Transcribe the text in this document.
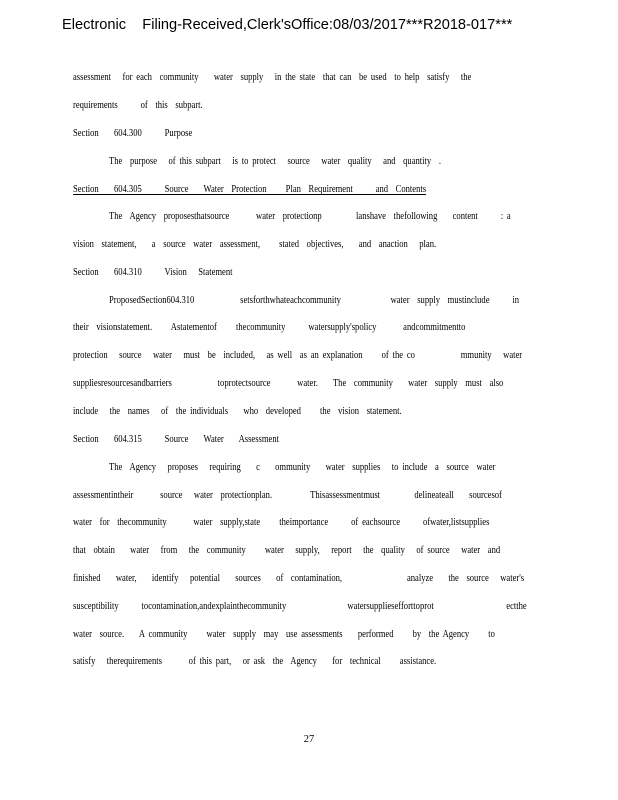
Electronic    Filing-Received,Clerk'sOffice:08/03/2017***R2018-017***
assessment   for each  community    water  supply   in the state  that can  be used  to help  satisfy   the
requirements      of  this  subpart.
Section    604.300      Purpose
The  purpose   of this subpart   is to protect   source   water  quality   and  quantity  .
Section    604.305      Source    Water  Protection     Plan  Requirement      and  Contents
The  Agency  proposesthatsource       water  protectionp         lanshave  thefollowing    content      : a
vision  statement,    a  source  water  assessment,     stated  objectives,    and  anaction   plan.
Section    604.310      Vision   Statement
ProposedSection604.310            setsforthwhateachcommunity             water  supply  mustinclude      in
their  visionstatement.     Astatementof     thecommunity      watersupply'spolicy       andcommitmentto
protection   source   water   must  be  included,   as well  as an explanation     of the co            mmunity   water
suppliesresourcesandbarriers            toprotectsource       water.    The  community    water  supply  must  also
include   the  names   of  the individuals    who  developed     the  vision  statement.
Section    604.315      Source    Water    Assessment
The  Agency   proposes   requiring    c    ommunity    water  supplies   to include  a  source  water
assessmentintheir       source   water  protectionplan.          Thisassessmentmust         delineateall    sourcesof
water  for  thecommunity       water  supply,state     theimportance      of eachsource      ofwater,listsupplies
that  obtain    water   from   the  community     water   supply,   report   the  quality   of source   water  and
finished    water,    identify   potential    sources    of  contamination,                 analyze    the  source   water's
susceptibility      tocontamination,andexplainthecommunity                watersuppliesefforttoprot                   ectthe
water  source.    A community     water  supply  may  use assessments    performed     by  the Agency     to
satisfy   therequirements       of this part,   or ask  the  Agency    for  technical     assistance.
27
